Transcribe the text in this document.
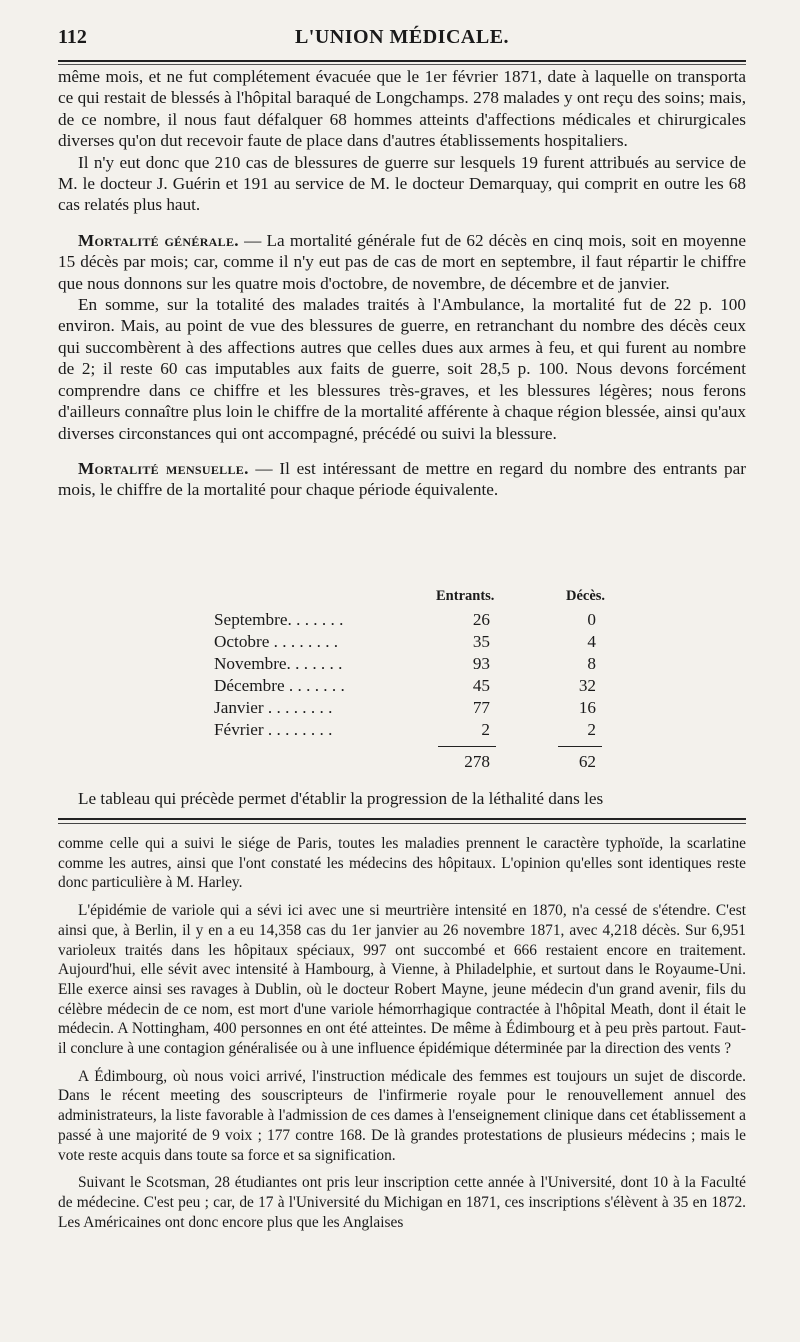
112	L'UNION MÉDICALE.

même mois, et ne fut complétement évacuée que le 1er février 1871, date à laquelle on transporta ce qui restait de blessés à l'hôpital baraqué de Longchamps. 278 malades y ont reçu des soins; mais, de ce nombre, il nous faut défalquer 68 hommes atteints d'affections médicales et chirurgicales diverses qu'on dut recevoir faute de place dans d'autres établissements hospitaliers.

Il n'y eut donc que 210 cas de blessures de guerre sur lesquels 19 furent attribués au service de M. le docteur J. Guérin et 191 au service de M. le docteur Demarquay, qui comprit en outre les 68 cas relatés plus haut.

Mortalité générale. — La mortalité générale fut de 62 décès en cinq mois, soit en moyenne 15 décès par mois; car, comme il n'y eut pas de cas de mort en septembre, il faut répartir le chiffre que nous donnons sur les quatre mois d'octobre, de novembre, de décembre et de janvier.

En somme, sur la totalité des malades traités à l'Ambulance, la mortalité fut de 22 p. 100 environ. Mais, au point de vue des blessures de guerre, en retranchant du nombre des décès ceux qui succombèrent à des affections autres que celles dues aux armes à feu, et qui furent au nombre de 2; il reste 60 cas imputables aux faits de guerre, soit 28,5 p. 100. Nous devons forcément comprendre dans ce chiffre et les blessures très-graves, et les blessures légères; nous ferons d'ailleurs connaître plus loin le chiffre de la mortalité afférente à chaque région blessée, ainsi qu'aux diverses circonstances qui ont accompagné, précédé ou suivi la blessure.

Mortalité mensuelle. — Il est intéressant de mettre en regard du nombre des entrants par mois, le chiffre de la mortalité pour chaque période équivalente.

Entrants.	Décès.
Septembre. . . . . . .	26	0
Octobre . . . . . . . .	35	4
Novembre. . . . . . .	93	8
Décembre . . . . . . .	45	32
Janvier . . . . . . . .	77	16
Février . . . . . . . .	2	2
278	62
Le tableau qui précède permet d'établir la progression de la léthalité dans les

comme celle qui a suivi le siége de Paris, toutes les maladies prennent le caractère typhoïde, la scarlatine comme les autres, ainsi que l'ont constaté les médecins des hôpitaux. L'opinion qu'elles sont identiques reste donc particulière à M. Harley.

L'épidémie de variole qui a sévi ici avec une si meurtrière intensité en 1870, n'a cessé de s'étendre. C'est ainsi que, à Berlin, il y en a eu 14,358 cas du 1er janvier au 26 novembre 1871, avec 4,218 décès. Sur 6,951 varioleux traités dans les hôpitaux spéciaux, 997 ont succombé et 666 restaient encore en traitement. Aujourd'hui, elle sévit avec intensité à Hambourg, à Vienne, à Philadelphie, et surtout dans le Royaume-Uni. Elle exerce ainsi ses ravages à Dublin, où le docteur Robert Mayne, jeune médecin d'un grand avenir, fils du célèbre médecin de ce nom, est mort d'une variole hémorrhagique contractée à l'hôpital Meath, dont il était le médecin. A Nottingham, 400 personnes en ont été atteintes. De même à Édimbourg et à peu près partout. Faut-il conclure à une contagion généralisée ou à une influence épidémique déterminée par la direction des vents ?

A Édimbourg, où nous voici arrivé, l'instruction médicale des femmes est toujours un sujet de discorde. Dans le récent meeting des souscripteurs de l'infirmerie royale pour le renouvellement annuel des administrateurs, la liste favorable à l'admission de ces dames à l'enseignement clinique dans cet établissement a passé à une majorité de 9 voix ; 177 contre 168. De là grandes protestations de plusieurs médecins ; mais le vote reste acquis dans toute sa force et sa signification.

Suivant le Scotsman, 28 étudiantes ont pris leur inscription cette année à l'Université, dont 10 à la Faculté de médecine. C'est peu ; car, de 17 à l'Université du Michigan en 1871, ces inscriptions s'élèvent à 35 en 1872. Les Américaines ont donc encore plus que les Anglaises
